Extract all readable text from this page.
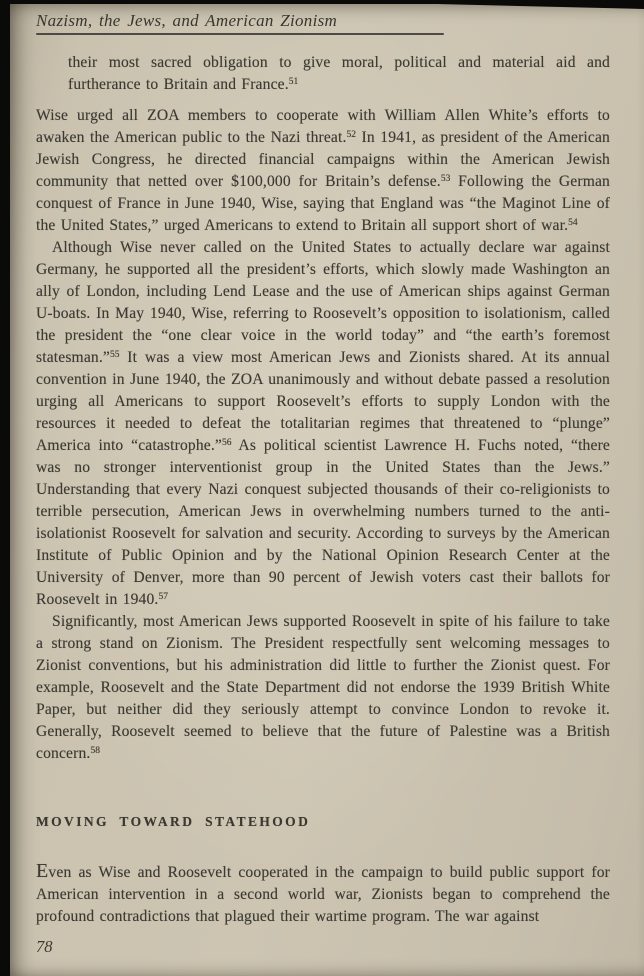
Nazism, the Jews, and American Zionism

their most sacred obligation to give moral, political and material aid and furtherance to Britain and France.$^{51}$

Wise urged all ZOA members to cooperate with William Allen White’s efforts to awaken the American public to the Nazi threat.$^{52}$ In 1941, as president of the American Jewish Congress, he directed financial campaigns within the American Jewish community that netted over $100,000 for Britain’s defense.$^{53}$ Following the German conquest of France in June 1940, Wise, saying that England was “the Maginot Line of the United States,” urged Americans to extend to Britain all support short of war.$^{54}$

Although Wise never called on the United States to actually declare war against Germany, he supported all the president’s efforts, which slowly made Washington an ally of London, including Lend Lease and the use of American ships against German U-boats. In May 1940, Wise, referring to Roosevelt’s opposition to isolationism, called the president the “one clear voice in the world today” and “the earth’s foremost statesman.”$^{55}$ It was a view most American Jews and Zionists shared. At its annual convention in June 1940, the ZOA unanimously and without debate passed a resolution urging all Americans to support Roosevelt’s efforts to supply London with the resources it needed to defeat the totalitarian regimes that threatened to “plunge” America into “catastrophe.”$^{56}$ As political scientist Lawrence H. Fuchs noted, “there was no stronger interventionist group in the United States than the Jews.” Understanding that every Nazi conquest subjected thousands of their co-religionists to terrible persecution, American Jews in overwhelming numbers turned to the anti-isolationist Roosevelt for salvation and security. According to surveys by the American Institute of Public Opinion and by the National Opinion Research Center at the University of Denver, more than 90 percent of Jewish voters cast their ballots for Roosevelt in 1940.57

Significantly, most American Jews supported Roosevelt in spite of his failure to take a strong stand on Zionism. The President respectfully sent welcoming messages to Zionist conventions, but his administration did little to further the Zionist quest. For example, Roosevelt and the State Department did not endorse the 1939 British White Paper, but neither did they seriously attempt to convince London to revoke it. Generally, Roosevelt seemed to believe that the future of Palestine was a British concern.$^{58}$

MOVING TOWARD STATEHOOD

Even as Wise and Roosevelt cooperated in the campaign to build public support for American intervention in a second world war, Zionists began to comprehend the profound contradictions that plagued their wartime program. The war against

78
